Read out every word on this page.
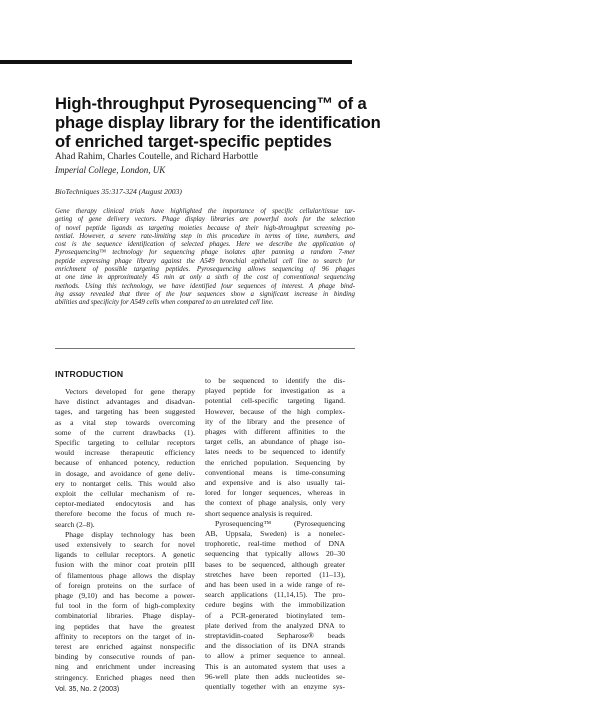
High-throughput Pyrosequencing™ of a
phage display library for the identification
of enriched target-specific peptides
Ahad Rahim, Charles Coutelle, and Richard Harbottle
Imperial College, London, UK
BioTechniques 35:317-324 (August 2003)
Gene therapy clinical trials have highlighted the importance of specific cellular/tissue tar-
geting of gene delivery vectors. Phage display libraries are powerful tools for the selection
of novel peptide ligands as targeting moieties because of their high-throughput screening po-
tential. However, a severe rate-limiting step in this procedure in terms of time, numbers, and
cost is the sequence identification of selected phages. Here we describe the application of
Pyrosequencing™ technology for sequencing phage isolates after panning a random 7-mer
peptide expressing phage library against the A549 bronchial epithelial cell line to search for
enrichment of possible targeting peptides. Pyrosequencing allows sequencing of 96 phages
at one time in approximately 45 min at only a sixth of the cost of conventional sequencing
methods. Using this technology, we have identified four sequences of interest. A phage bind-
ing assay revealed that three of the four sequences show a significant increase in binding
abilities and specificity for A549 cells when compared to an unrelated cell line.
INTRODUCTION
Vectors developed for gene therapy
have distinct advantages and disadvan-
tages, and targeting has been suggested
as a vital step towards overcoming
some of the current drawbacks (1).
Specific targeting to cellular receptors
would increase therapeutic efficiency
because of enhanced potency, reduction
in dosage, and avoidance of gene deliv-
ery to nontarget cells. This would also
exploit the cellular mechanism of re-
ceptor-mediated endocytosis and has
therefore become the focus of much re-
search (2–8).
Phage display technology has been
used extensively to search for novel
ligands to cellular receptors. A genetic
fusion with the minor coat protein pIII
of filamentous phage allows the display
of foreign proteins on the surface of
phage (9,10) and has become a power-
ful tool in the form of high-complexity
combinatorial libraries. Phage display-
ing peptides that have the greatest
affinity to receptors on the target of in-
terest are enriched against nonspecific
binding by consecutive rounds of pan-
ning and enrichment under increasing
stringency. Enriched phages need then
to be sequenced to identify the dis-
played peptide for investigation as a
potential cell-specific targeting ligand.
However, because of the high complex-
ity of the library and the presence of
phages with different affinities to the
target cells, an abundance of phage iso-
lates needs to be sequenced to identify
the enriched population. Sequencing by
conventional means is time-consuming
and expensive and is also usually tai-
lored for longer sequences, whereas in
the context of phage analysis, only very
short sequence analysis is required.
Pyrosequencing™ (Pyrosequencing
AB, Uppsala, Sweden) is a nonelec-
trophoretic, real-time method of DNA
sequencing that typically allows 20–30
bases to be sequenced, although greater
stretches have been reported (11–13),
and has been used in a wide range of re-
search applications (11,14,15). The pro-
cedure begins with the immobilization
of a PCR-generated biotinylated tem-
plate derived from the analyzed DNA to
streptavidin-coated Sepharose® beads
and the dissociation of its DNA strands
to allow a primer sequence to anneal.
This is an automated system that uses a
96-well plate then adds nucleotides se-
quentially together with an enzyme sys-
Vol. 35, No. 2 (2003)
